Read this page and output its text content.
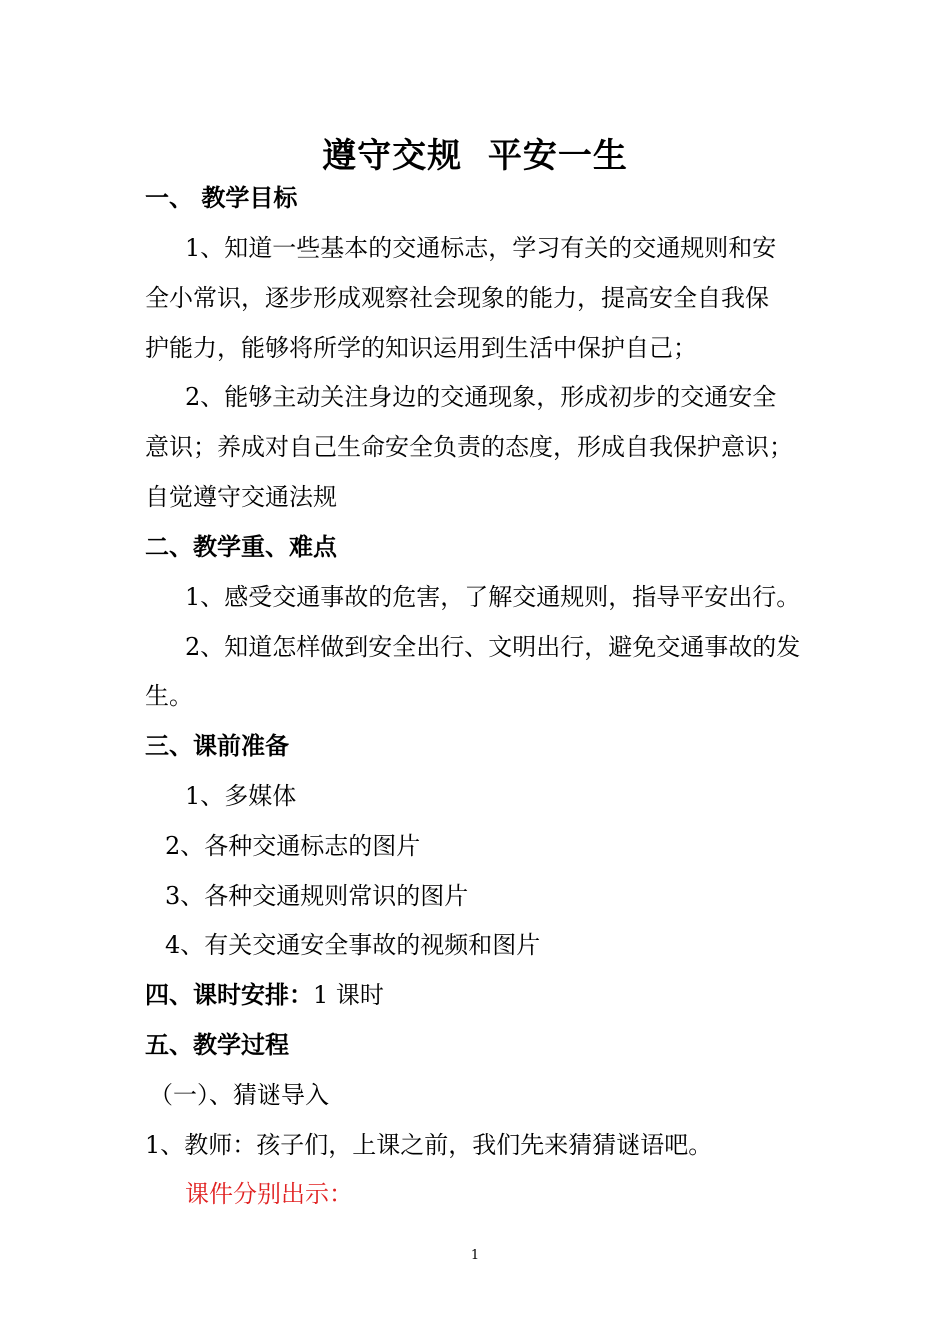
遵守交规  平安一生
一、 教学目标
1、知道一些基本的交通标志，学习有关的交通规则和安
全小常识，逐步形成观察社会现象的能力，提高安全自我保
护能力，能够将所学的知识运用到生活中保护自己；
2、能够主动关注身边的交通现象，形成初步的交通安全
意识；养成对自己生命安全负责的态度，形成自我保护意识；
自觉遵守交通法规
二、教学重、难点
1、感受交通事故的危害，了解交通规则，指导平安出行。
2、知道怎样做到安全出行、文明出行，避免交通事故的发
生。
三、课前准备
1、多媒体
2、各种交通标志的图片
3、各种交通规则常识的图片
4、有关交通安全事故的视频和图片
四、课时安排：1 课时
五、教学过程
（一）、猜谜导入
1、教师：孩子们，上课之前，我们先来猜猜谜语吧。
课件分别出示：
1
